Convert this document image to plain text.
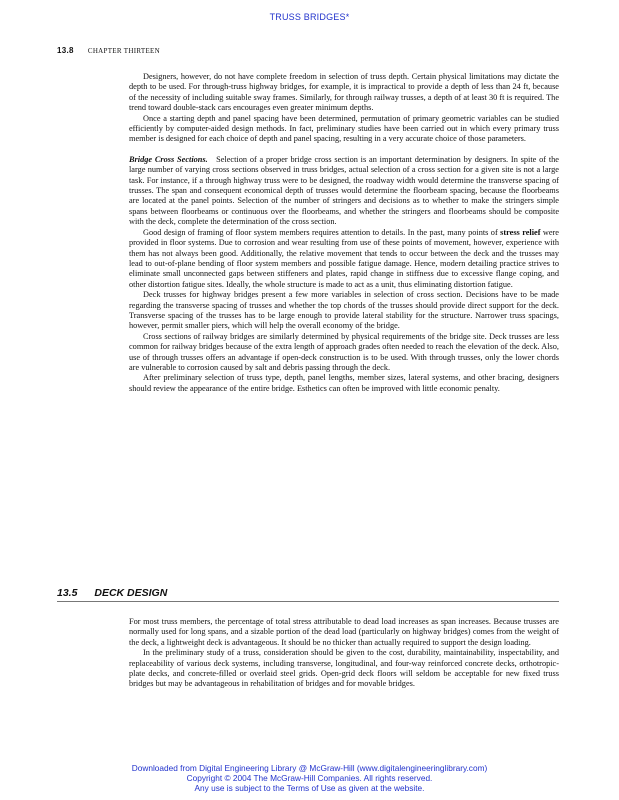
TRUSS BRIDGES*
13.8 CHAPTER THIRTEEN

Designers, however, do not have complete freedom in selection of truss depth. Certain physical limitations may dictate the depth to be used. For through-truss highway bridges, for example, it is impractical to provide a depth of less than 24 ft, because of the necessity of including suitable sway frames. Similarly, for through railway trusses, a depth of at least 30 ft is required. The trend toward double-stack cars encourages even greater minimum depths.

Once a starting depth and panel spacing have been determined, permutation of primary geometric variables can be studied efficiently by computer-aided design methods. In fact, preliminary studies have been carried out in which every primary truss member is designed for each choice of depth and panel spacing, resulting in a very accurate choice of those parameters.

Bridge Cross Sections. Selection of a proper bridge cross section is an important determination by designers. In spite of the large number of varying cross sections observed in truss bridges, actual selection of a cross section for a given site is not a large task. For instance, if a through highway truss were to be designed, the roadway width would determine the transverse spacing of trusses. The span and consequent economical depth of trusses would determine the floorbeam spacing, because the floorbeams are located at the panel points. Selection of the number of stringers and decisions as to whether to make the stringers simple spans between floorbeams or continuous over the floorbeams, and whether the stringers and floorbeams should be composite with the deck, complete the determination of the cross section.

Good design of framing of floor system members requires attention to details. In the past, many points of stress relief were provided in floor systems. Due to corrosion and wear resulting from use of these points of movement, however, experience with them has not always been good. Additionally, the relative movement that tends to occur between the deck and the trusses may lead to out-of-plane bending of floor system members and possible fatigue damage. Hence, modern detailing practice strives to eliminate small unconnected gaps between stiffeners and plates, rapid change in stiffness due to excessive flange coping, and other distortion fatigue sites. Ideally, the whole structure is made to act as a unit, thus eliminating distortion fatigue.

Deck trusses for highway bridges present a few more variables in selection of cross section. Decisions have to be made regarding the transverse spacing of trusses and whether the top chords of the trusses should provide direct support for the deck. Transverse spacing of the trusses has to be large enough to provide lateral stability for the structure. Narrower truss spacings, however, permit smaller piers, which will help the overall economy of the bridge.

Cross sections of railway bridges are similarly determined by physical requirements of the bridge site. Deck trusses are less common for railway bridges because of the extra length of approach grades often needed to reach the elevation of the deck. Also, use of through trusses offers an advantage if open-deck construction is to be used. With through trusses, only the lower chords are vulnerable to corrosion caused by salt and debris passing through the deck.

After preliminary selection of truss type, depth, panel lengths, member sizes, lateral systems, and other bracing, designers should review the appearance of the entire bridge. Esthetics can often be improved with little economic penalty.

13.5 DECK DESIGN

For most truss members, the percentage of total stress attributable to dead load increases as span increases. Because trusses are normally used for long spans, and a sizable portion of the dead load (particularly on highway bridges) comes from the weight of the deck, a lightweight deck is advantageous. It should be no thicker than actually required to support the design loading.

In the preliminary study of a truss, consideration should be given to the cost, durability, maintainability, inspectability, and replaceability of various deck systems, including transverse, longitudinal, and four-way reinforced concrete decks, orthotropic-plate decks, and concrete-filled or overlaid steel grids. Open-grid deck floors will seldom be acceptable for new fixed truss bridges but may be advantageous in rehabilitation of bridges and for movable bridges.

Downloaded from Digital Engineering Library @ McGraw-Hill (www.digitalengineeringlibrary.com)
Copyright © 2004 The McGraw-Hill Companies. All rights reserved.
Any use is subject to the Terms of Use as given at the website.
